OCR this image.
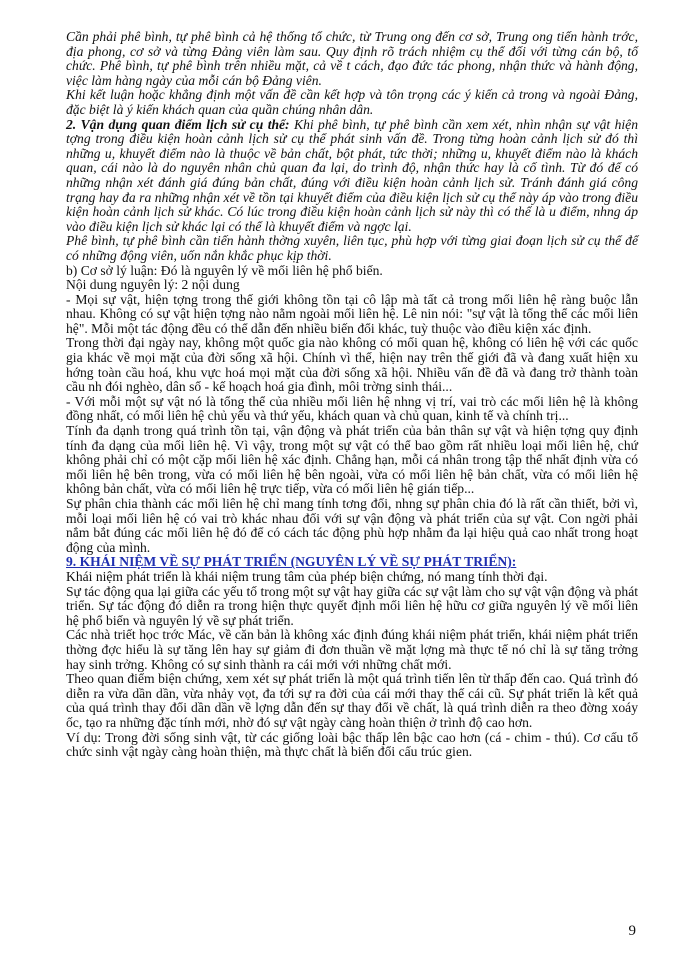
Cần phải phê bình, tự phê bình cả hệ thống tổ chức, từ Trung ong đến cơ sở, Trung ong tiến hành trớc, địa phong, cơ sở và từng Đảng viên làm sau. Quy định rõ trách nhiệm cụ thể đối với từng cán bộ, tổ chức. Phê bình, tự phê bình trên nhiều mặt, cả về t cách, đạo đức tác phong, nhận thức và hành động, việc làm hàng ngày của mỗi cán bộ Đảng viên.

Khi kết luận hoặc khẳng định một vấn đề cần kết hợp và tôn trọng các ý kiến cả trong và ngoài Đảng, đặc biệt là ý kiến khách quan của quần chúng nhân dân.

2. Vận dụng quan điểm lịch sử cụ thể: Khi phê bình, tự phê bình cần xem xét, nhìn nhận sự vật hiện tợng trong điều kiện hoàn cảnh lịch sử cụ thể phát sinh vấn đề. Trong từng hoàn cảnh lịch sử đó thì những u, khuyết điểm nào là thuộc về bản chất, bột phát, tức thời; những u, khuyết điểm nào là khách quan, cái nào là do nguyên nhân chủ quan đa lại, do trình độ, nhận thức hay là cố tình. Từ đó để có những nhận xét đánh giá đúng bản chất, đúng với điều kiện hoàn cảnh lịch sử. Tránh đánh giá công trạng hay đa ra những nhận xét về tồn tại khuyết điểm của điều kiện lịch sử cụ thể này áp vào trong điều kiện hoàn cảnh lịch sử khác. Có lúc trong điều kiện hoàn cảnh lịch sử này thì có thể là u điểm, nhng áp vào điều kiện lịch sử khác lại có thể là khuyết điểm và ngợc lại.

Phê bình, tự phê bình cần tiến hành thờng xuyên, liên tục, phù hợp với từng giai đoạn lịch sử cụ thể để có những động viên, uốn nắn khắc phục kịp thời.

b) Cơ sở lý luận: Đó là nguyên lý về mối liên hệ phổ biến.

Nội dung nguyên lý: 2 nội dung

- Mọi sự vật, hiện tợng trong thế giới không tồn tại cô lập mà tất cả trong mối liên hệ ràng buộc lẫn nhau. Không có sự vật hiện tợng nào nằm ngoài mối liên hệ. Lê nin nói: "sự vật là tổng thể các mối liên hệ". Mỗi một tác động đều có thể dẫn đến nhiều biến đổi khác, tuỳ thuộc vào điều kiện xác định.

Trong thời đại ngày nay, không một quốc gia nào không có mối quan hệ, không có liên hệ với các quốc gia khác về mọi mặt của đời sống xã hội. Chính vì thế, hiện nay trên thế giới đã và đang xuất hiện xu hớng toàn cầu hoá, khu vực hoá mọi mặt của đời sống xã hội. Nhiều vấn đề đã và đang trở thành toàn cầu nh đói nghèo, dân số - kế hoạch hoá gia đình, môi trờng sinh thái...

- Với mỗi một sự vật nó là tổng thể của nhiều mối liên hệ nhng vị trí, vai trò các mối liên hệ là không đồng nhất, có mối liên hệ chủ yếu và thứ yếu, khách quan và chủ quan, kinh tế và chính trị...

Tính đa dạnh trong quá trình tồn tại, vận động và phát triển của bản thân sự vật và hiện tợng quy định tính đa dạng của mối liên hệ. Vì vậy, trong một sự vật có thể bao gồm rất nhiều loại mối liên hệ, chứ không phải chỉ có một cặp mối liên hệ xác định. Chẳng hạn, mỗi cá nhân trong tập thể nhất định vừa có mối liên hệ bên trong, vừa có mối liên hệ bên ngoài, vừa có mối liên hệ bản chất, vừa có mối liên hệ không bản chất, vừa có mối liên hệ trực tiếp, vừa có mối liên hệ gián tiếp...

Sự phân chia thành các mối liên hệ chỉ mang tính tơng đối, nhng sự phân chia đó là rất cần thiết, bởi vì, mỗi loại mối liên hệ có vai trò khác nhau đối với sự vận động và phát triển của sự vật. Con ngời phải nắm bắt đúng các mối liên hệ đó để có cách tác động phù hợp nhằm đa lại hiệu quả cao nhất trong hoạt động của mình.

9. KHÁI NIỆM VỀ SỰ PHÁT TRIỂN (NGUYÊN LÝ VỀ SỰ PHÁT TRIỂN):

Khái niệm phát triển là khái niệm trung tâm của phép biện chứng, nó mang tính thời đại.

Sự tác động qua lại giữa các yếu tố trong một sự vật hay giữa các sự vật làm cho sự vật vận động và phát triển. Sự tác động đó diễn ra trong hiện thực quyết định mối liên hệ hữu cơ giữa nguyên lý về mối liên hệ phổ biến và nguyên lý về sự phát triển.

Các nhà triết học trớc Mác, về căn bản là không xác định đúng khái niệm phát triển, khái niệm phát triển thờng đợc hiểu là sự tăng lên hay sự giảm đi đơn thuần về mặt lợng mà thực tế nó chỉ là sự tăng trởng hay sinh trởng. Không có sự sinh thành ra cái mới với những chất mới.

Theo quan điểm biện chứng, xem xét sự phát triển là một quá trình tiến lên từ thấp đến cao. Quá trình đó diễn ra vừa dần dần, vừa nhảy vọt, đa tới sự ra đời của cái mới thay thế cái cũ. Sự phát triển là kết quả của quá trình thay đổi dần dần về lợng dẫn đến sự thay đổi về chất, là quá trình diễn ra theo đờng xoáy ốc, tạo ra những đặc tính mới, nhờ đó sự vật ngày càng hoàn thiện ở trình độ cao hơn.

Ví dụ: Trong đời sống sinh vật, từ các giống loài bậc thấp lên bậc cao hơn (cá - chim - thú). Cơ cấu tổ chức sinh vật ngày càng hoàn thiện, mà thực chất là biến đổi cấu trúc gien.

9
